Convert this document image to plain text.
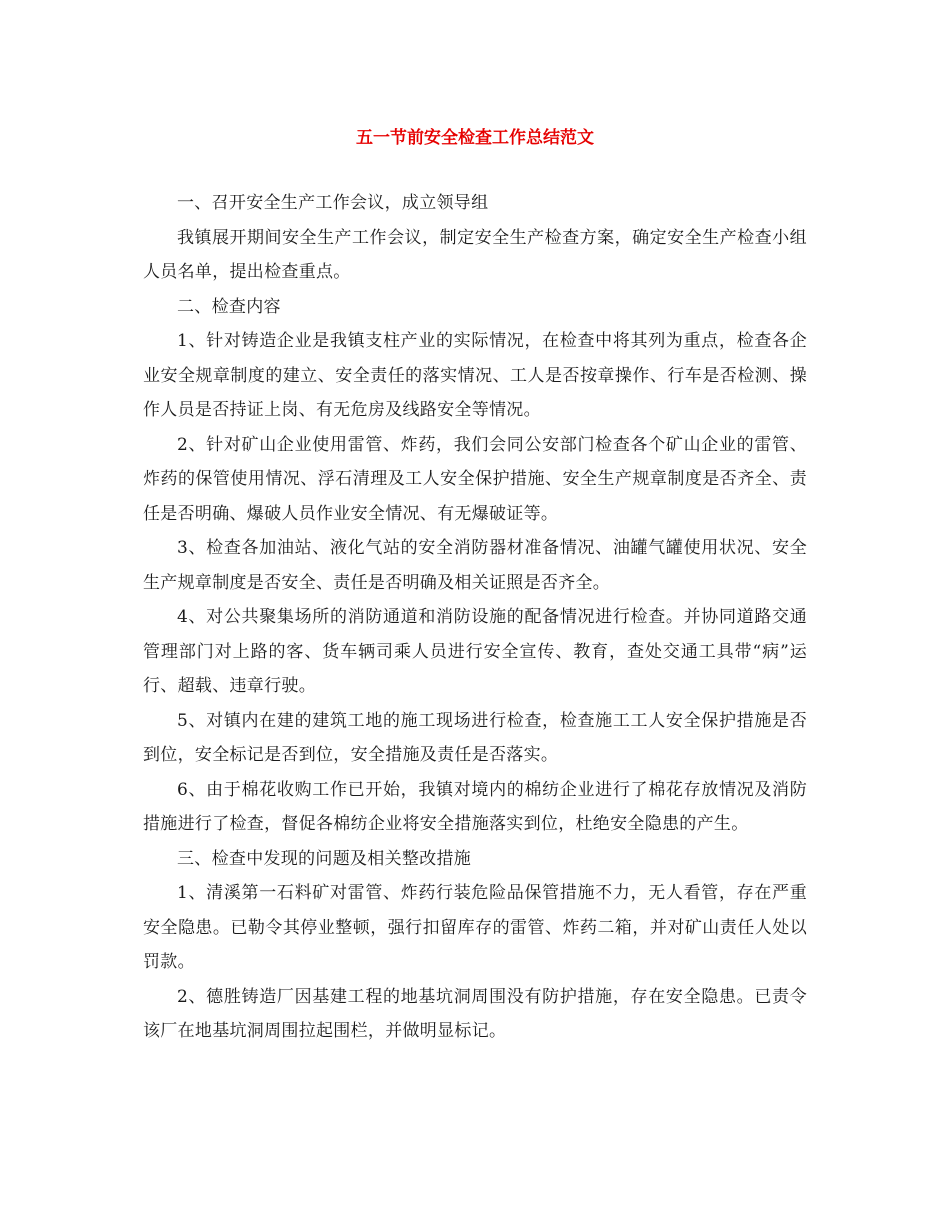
五一节前安全检查工作总结范文

一、召开安全生产工作会议，成立领导组

我镇展开期间安全生产工作会议，制定安全生产检查方案，确定安全生产检查小组人员名单，提出检查重点。

二、检查内容

1、针对铸造企业是我镇支柱产业的实际情况，在检查中将其列为重点，检查各企业安全规章制度的建立、安全责任的落实情况、工人是否按章操作、行车是否检测、操作人员是否持证上岗、有无危房及线路安全等情况。

2、针对矿山企业使用雷管、炸药，我们会同公安部门检查各个矿山企业的雷管、炸药的保管使用情况、浮石清理及工人安全保护措施、安全生产规章制度是否齐全、责任是否明确、爆破人员作业安全情况、有无爆破证等。

3、检查各加油站、液化气站的安全消防器材准备情况、油罐气罐使用状况、安全生产规章制度是否安全、责任是否明确及相关证照是否齐全。

4、对公共聚集场所的消防通道和消防设施的配备情况进行检查。并协同道路交通管理部门对上路的客、货车辆司乘人员进行安全宣传、教育，查处交通工具带“病”运行、超载、违章行驶。

5、对镇内在建的建筑工地的施工现场进行检查，检查施工工人安全保护措施是否到位，安全标记是否到位，安全措施及责任是否落实。

6、由于棉花收购工作已开始，我镇对境内的棉纺企业进行了棉花存放情况及消防措施进行了检查，督促各棉纺企业将安全措施落实到位，杜绝安全隐患的产生。

三、检查中发现的问题及相关整改措施

1、清溪第一石料矿对雷管、炸药行装危险品保管措施不力，无人看管，存在严重安全隐患。已勒令其停业整顿，强行扣留库存的雷管、炸药二箱，并对矿山责任人处以罚款。

2、德胜铸造厂因基建工程的地基坑洞周围没有防护措施，存在安全隐患。已责令该厂在地基坑洞周围拉起围栏，并做明显标记。
